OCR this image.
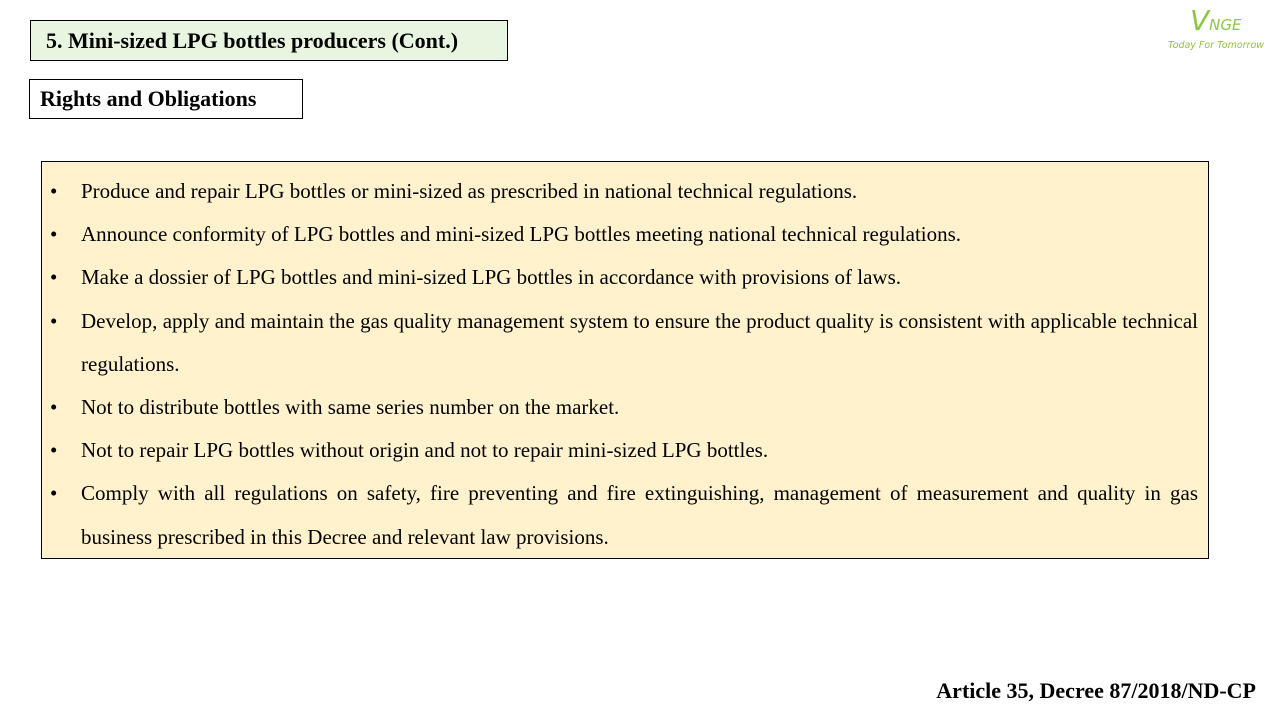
5. Mini-sized LPG bottles producers (Cont.)
Rights and Obligations
VNGE
Today For Tomorrow
• Produce and repair LPG bottles or mini-sized as prescribed in national technical regulations.
• Announce conformity of LPG bottles and mini-sized LPG bottles meeting national technical regulations.
• Make a dossier of LPG bottles and mini-sized LPG bottles in accordance with provisions of laws.
• Develop, apply and maintain the gas quality management system to ensure the product quality is consistent with applicable technical regulations.
• Not to distribute bottles with same series number on the market.
• Not to repair LPG bottles without origin and not to repair mini-sized LPG bottles.
• Comply with all regulations on safety, fire preventing and fire extinguishing, management of measurement and quality in gas business prescribed in this Decree and relevant law provisions.
Article 35, Decree 87/2018/ND-CP
